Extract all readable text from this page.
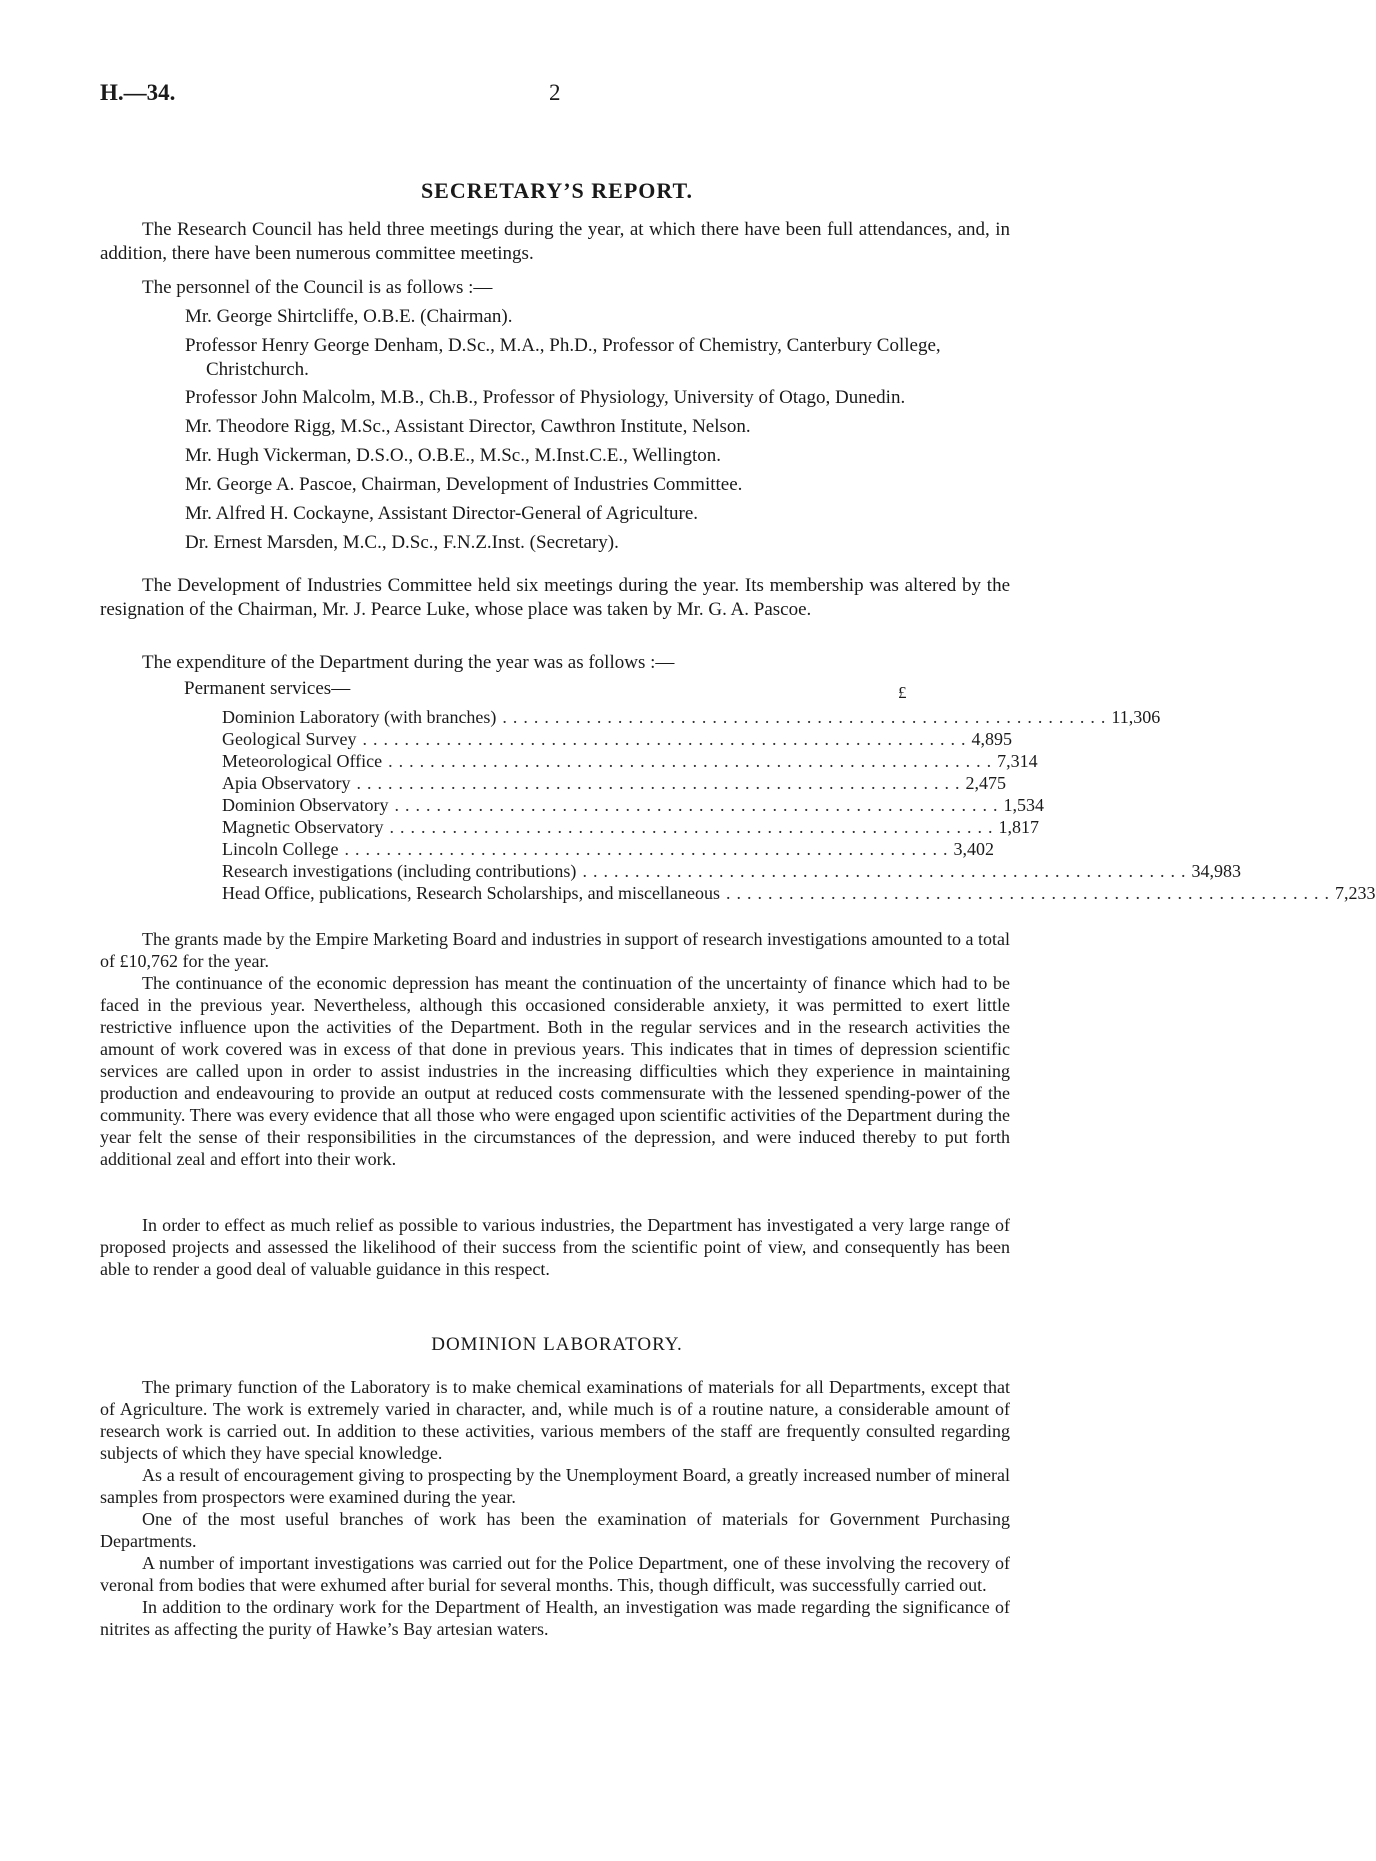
H.—34.	2
SECRETARY’S REPORT.
The Research Council has held three meetings during the year, at which there have been full attendances, and, in addition, there have been numerous committee meetings.
The personnel of the Council is as follows :—
Mr. George Shirtcliffe, O.B.E. (Chairman).
Professor Henry George Denham, D.Sc., M.A., Ph.D., Professor of Chemistry, Canterbury College, Christchurch.
Professor John Malcolm, M.B., Ch.B., Professor of Physiology, University of Otago, Dunedin.
Mr. Theodore Rigg, M.Sc., Assistant Director, Cawthron Institute, Nelson.
Mr. Hugh Vickerman, D.S.O., O.B.E., M.Sc., M.Inst.C.E., Wellington.
Mr. George A. Pascoe, Chairman, Development of Industries Committee.
Mr. Alfred H. Cockayne, Assistant Director-General of Agriculture.
Dr. Ernest Marsden, M.C., D.Sc., F.N.Z.Inst. (Secretary).
The Development of Industries Committee held six meetings during the year. Its membership was altered by the resignation of the Chairman, Mr. J. Pearce Luke, whose place was taken by Mr. G. A. Pascoe.
The expenditure of the Department during the year was as follows :—
Permanent services—	£
Dominion Laboratory (with branches) .......................................................... 11,306
Geological Survey .......................................................... 4,895
Meteorological Office .......................................................... 7,314
Apia Observatory .......................................................... 2,475
Dominion Observatory .......................................................... 1,534
Magnetic Observatory .......................................................... 1,817
Lincoln College .......................................................... 3,402
Research investigations (including contributions) .......................................................... 34,983
Head Office, publications, Research Scholarships, and miscellaneous .......................................................... 7,233
The grants made by the Empire Marketing Board and industries in support of research investigations amounted to a total of £10,762 for the year.
The continuance of the economic depression has meant the continuation of the uncertainty of finance which had to be faced in the previous year. Nevertheless, although this occasioned considerable anxiety, it was permitted to exert little restrictive influence upon the activities of the Department. Both in the regular services and in the research activities the amount of work covered was in excess of that done in previous years. This indicates that in times of depression scientific services are called upon in order to assist industries in the increasing difficulties which they experience in maintaining production and endeavouring to provide an output at reduced costs commensurate with the lessened spending-power of the community. There was every evidence that all those who were engaged upon scientific activities of the Department during the year felt the sense of their responsibilities in the circumstances of the depression, and were induced thereby to put forth additional zeal and effort into their work.
In order to effect as much relief as possible to various industries, the Department has investigated a very large range of proposed projects and assessed the likelihood of their success from the scientific point of view, and consequently has been able to render a good deal of valuable guidance in this respect.
DOMINION LABORATORY.

The primary function of the Laboratory is to make chemical examinations of materials for all Departments, except that of Agriculture. The work is extremely varied in character, and, while much is of a routine nature, a considerable amount of research work is carried out. In addition to these activities, various members of the staff are frequently consulted regarding subjects of which they have special knowledge.

As a result of encouragement giving to prospecting by the Unemployment Board, a greatly increased number of mineral samples from prospectors were examined during the year.

One of the most useful branches of work has been the examination of materials for Government Purchasing Departments.

A number of important investigations was carried out for the Police Department, one of these involving the recovery of veronal from bodies that were exhumed after burial for several months. This, though difficult, was successfully carried out.

In addition to the ordinary work for the Department of Health, an investigation was made regarding the significance of nitrites as affecting the purity of Hawke’s Bay artesian waters.
